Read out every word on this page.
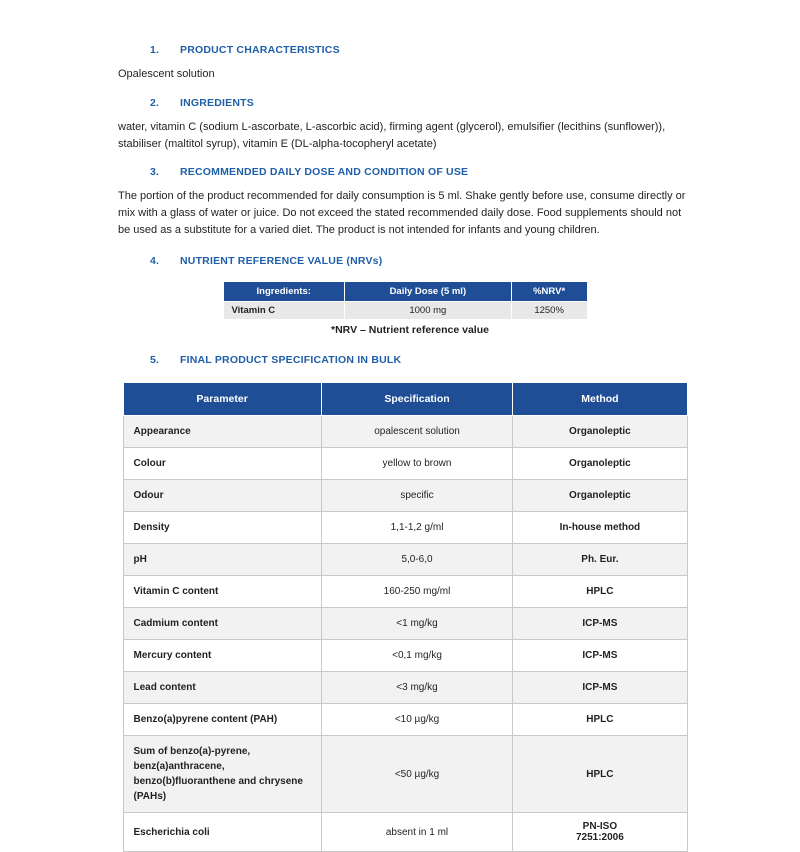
1.	PRODUCT CHARACTERISTICS

Opalescent solution

2.	INGREDIENTS

water, vitamin C (sodium L-ascorbate, L-ascorbic acid), firming agent (glycerol), emulsifier (lecithins (sunflower)), stabiliser (maltitol syrup), vitamin E (DL-alpha-tocopheryl acetate)

3.	RECOMMENDED DAILY DOSE AND CONDITION OF USE

The portion of the product recommended for daily consumption is 5 ml. Shake gently before use, consume directly or mix with a glass of water or juice. Do not exceed the stated recommended daily dose. Food supplements should not be used as a substitute for a varied diet. The product is not intended for infants and young children.

4.	NUTRIENT REFERENCE VALUE (NRVs)
Ingredients:	Daily Dose (5 ml)	%NRV*
Vitamin C	1000 mg	1250%
*NRV – Nutrient reference value
5.	FINAL PRODUCT SPECIFICATION IN BULK
Parameter	Specification	Method
Appearance	opalescent solution	Organoleptic
Colour	yellow to brown	Organoleptic
Odour	specific	Organoleptic
Density	1,1-1,2 g/ml	In-house method
pH	5,0-6,0	Ph. Eur.
Vitamin C content	160-250 mg/ml	HPLC
Cadmium content	<1 mg/kg	ICP-MS
Mercury content	<0,1 mg/kg	ICP-MS
Lead content	<3 mg/kg	ICP-MS
Benzo(a)pyrene content (PAH)	<10 µg/kg	HPLC
Sum of benzo(a)-pyrene, benz(a)anthracene, benzo(b)fluoranthene and chrysene (PAHs)	<50 µg/kg	HPLC
Escherichia coli	absent in 1 ml	PN-ISO
7251:2006
